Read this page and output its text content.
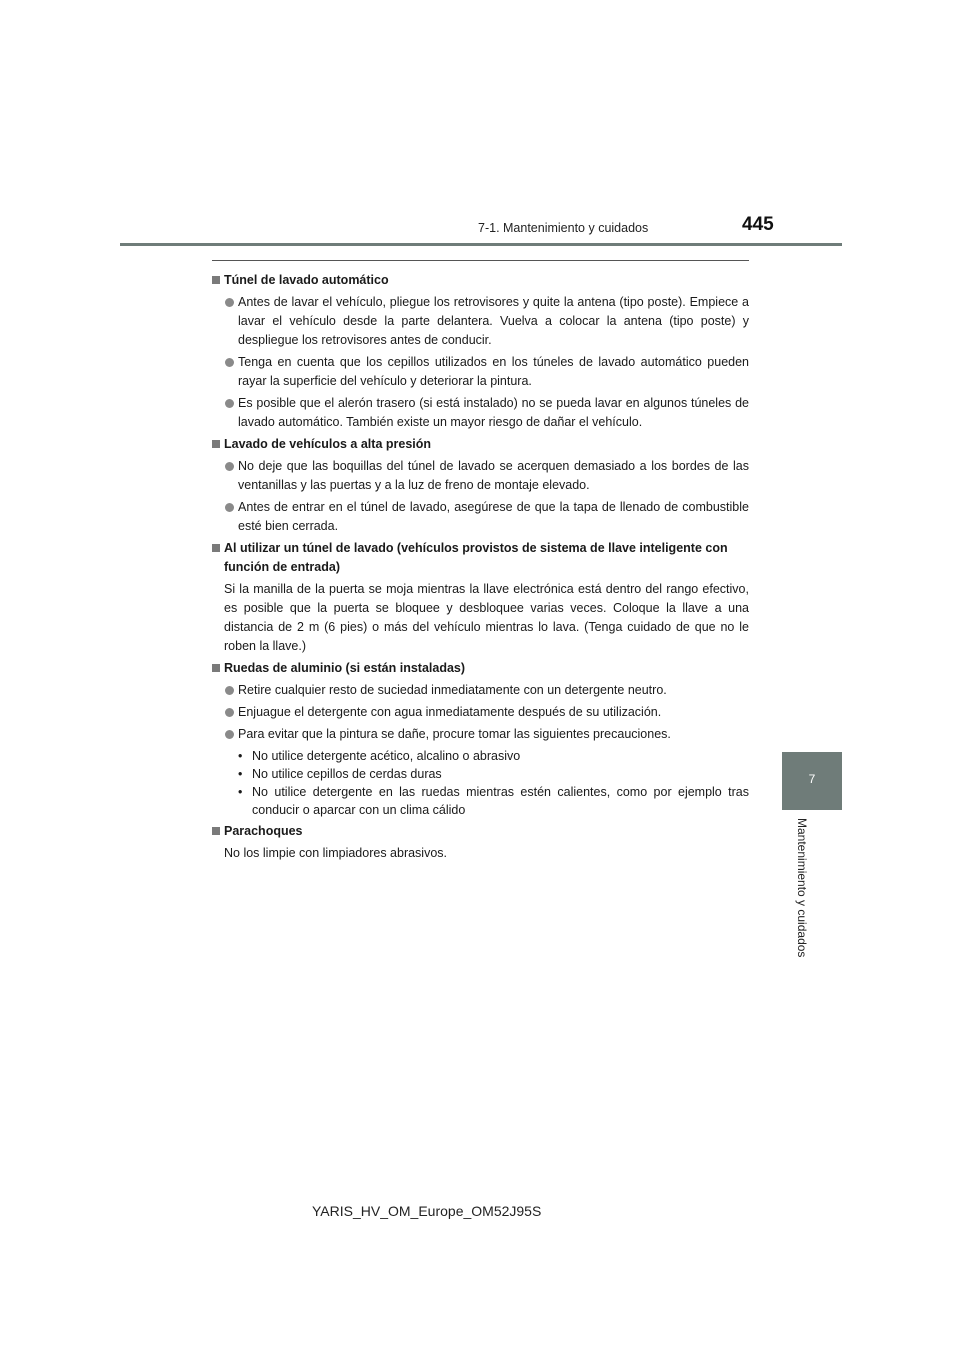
7-1. Mantenimiento y cuidados	445
Túnel de lavado automático
Antes de lavar el vehículo, pliegue los retrovisores y quite la antena (tipo poste). Empiece a lavar el vehículo desde la parte delantera. Vuelva a colocar la antena (tipo poste) y despliegue los retrovisores antes de conducir.
Tenga en cuenta que los cepillos utilizados en los túneles de lavado automático pueden rayar la superficie del vehículo y deteriorar la pintura.
Es posible que el alerón trasero (si está instalado) no se pueda lavar en algunos túneles de lavado automático. También existe un mayor riesgo de dañar el vehículo.
Lavado de vehículos a alta presión
No deje que las boquillas del túnel de lavado se acerquen demasiado a los bordes de las ventanillas y las puertas y a la luz de freno de montaje elevado.
Antes de entrar en el túnel de lavado, asegúrese de que la tapa de llenado de combustible esté bien cerrada.
Al utilizar un túnel de lavado (vehículos provistos de sistema de llave inteligente con función de entrada)
Si la manilla de la puerta se moja mientras la llave electrónica está dentro del rango efectivo, es posible que la puerta se bloquee y desbloquee varias veces. Coloque la llave a una distancia de 2 m (6 pies) o más del vehículo mientras lo lava. (Tenga cuidado de que no le roben la llave.)
Ruedas de aluminio (si están instaladas)
Retire cualquier resto de suciedad inmediatamente con un detergente neutro.
Enjuague el detergente con agua inmediatamente después de su utilización.
Para evitar que la pintura se dañe, procure tomar las siguientes precauciones.
• No utilice detergente acético, alcalino o abrasivo
• No utilice cepillos de cerdas duras
• No utilice detergente en las ruedas mientras estén calientes, como por ejemplo tras conducir o aparcar con un clima cálido
Parachoques
No los limpie con limpiadores abrasivos.
7
Mantenimiento y cuidados
YARIS_HV_OM_Europe_OM52J95S
